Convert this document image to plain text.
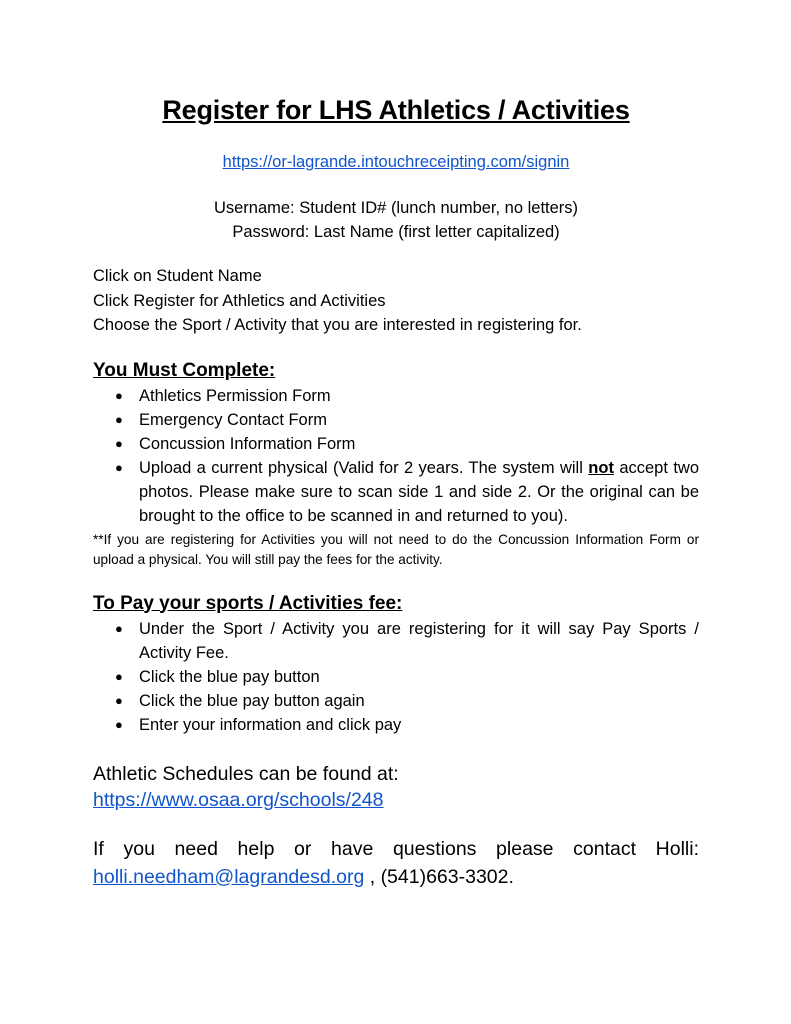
Register for LHS Athletics / Activities

https://or-lagrande.intouchreceipting.com/signin

Username: Student ID# (lunch number, no letters)

Password: Last Name (first letter capitalized)

Click on Student Name
Click Register for Athletics and Activities
Choose the Sport / Activity that you are interested in registering for.
You Must Complete:
● Athletics Permission Form
● Emergency Contact Form
● Concussion Information Form
● Upload a current physical (Valid for 2 years. The system will not accept two photos. Please make sure to scan side 1 and side 2. Or the original can be brought to the office to be scanned in and returned to you).

**If you are registering for Activities you will not need to do the Concussion Information Form or upload a physical. You will still pay the fees for the activity.

To Pay your sports / Activities fee:
● Under the Sport / Activity you are registering for it will say Pay Sports / Activity Fee.
● Click the blue pay button
● Click the blue pay button again
● Enter your information and click pay
Athletic Schedules can be found at:
https://www.osaa.org/schools/248
If you need help or have questions please contact Holli: holli.needham@lagrandesd.org , (541)663-3302.
